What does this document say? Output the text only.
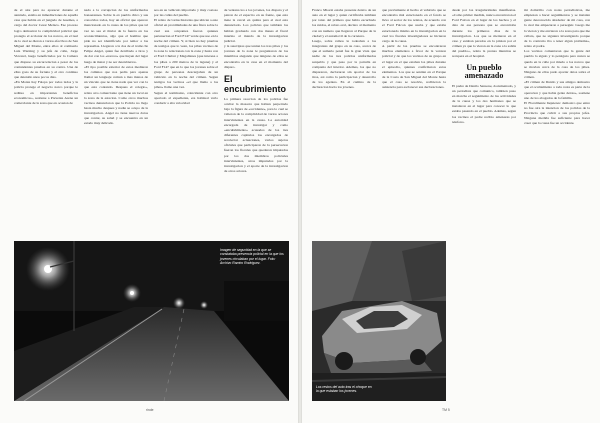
de el aire para no aparecer durante el atentado, estaba en inmediaciones de aquella casa que habita en el juzgado de Guemes, a cargo del doctor Cesar Melazo. Ese proceso logro demostrar la complicidad policial que protegio el accionar de los narcos, en el tual de lo cual se dieron a varios efectivos de San Miguel del Monte, entre ellos al comisario Luis Warning y su jefe de calle, Jorge Vizcarel, luego beneficiados por la Camara que dispuso su excarcelacion a pesar de los contundentes pruebas en su contra. Una de ellas gozo de su fortuna y el otro continuo que detenido unos pocos dias.

«En Monte hay Falopa por todos lados y la policia protege el negocio narco porque le reditua en importantes beneficios economicos», sostiene a Prevente Arena un comerciante de la zona que en ocasion de

nada a la corrupcion de los uniformados bonaerenses. Sobre la ex pueblo chico y sus conocidos todos, hay un oficial que aparece mencionado en la causa de los pibes que tal vez no sea el titular de la fuerza en los acontecimientos, algo que el hombre que pide no ser identificado por temor a las represalias. Llegaron a la dos de el tramo lle Felipe Angel, quien fue derribado a tiros y de dar con los «narcos» que huyen del lugar luego de matar y no ser descubiertos.

«El tipo posible exterior de estos mediaron los caminos que nos pedia para apenas llamar un lenguaje comun a mas manos de un vinculo que no tiene nada que ver con la que esta contando. Despues el colegio», relata otro comerciante que tiene un local en la zona de la estacion. Como otros muchos vecinos denunciaron que la Policia no llego hasta mucho despues y nadie se ocupo de la investigacion. Angel no tiene nuevos datos que contar, su salud y se encuentra en un estado muy delicado.

sea en su vehiculo importado y muy costoso por las calles del pueblo.

El relato de varias historias que ubican a este oficial en proximidades de una finca sobre la cual sus ocupantes fueron quienes pertenecian al Ford F147 verde que uso en la noche del crimen. Y, si bien no hay pruebas de testigos que lo vean, los pibes vecinos de la zona lo relacionan con la zona y hasta con el Ford Chubut y Magallanes (que interesa a los pibes a 200 metros de la laguna) y el Ford F147 que en lo que los jovenes sobre el grupo de personas descargaban de un vehiculo en la noche del crimen. Segun testigos los vecinos «el que llamo a los pibes» llamo una vez.

Segun el testimonio, coincidente con otro aportado al expediente, era habitual verlo conducir a alta velocidad

de ventana los a los jovenes, los dispara y el patron de el espectro en su frente, que esta tiene la carcel en quinta para el cual esta denunciado. Los policias que tambien los habian graduado con dos meses el fiscal interino al mando de la investigacion judicial.

y la suscriptas que tenian los tres pibes y los jovenes de la zona le preguntaron de los miembros alegando que ninguno de ellos se encontraba en la casa en el momento del disparo.

El encubrimiento

La primera reaccion de los policias fue ocultar la masacre que habian perpetrado bajo la figura de «accidente», para lo cual se valieron de la complicidad de varios actores intervinientes en la causa. La autoridad encargada de investigar y como «encubrimiento» acusados de los tres diferentes capitulos los encargados de recolectar actuaciones, varios sujetos oficiales que participaron de la persecucion fueron los fiscales que quedaron imputados por los dos miembros policiales intervinientes, otros imputados por la investigacion y el aporte de la investigacion de otros actores.

Imagen de seguridad en la que se constataba presencia policial en la que los jovenes circulaban por el lugar. Foto: Archivo Ramiro Rodriguez.
rinde

Franco Miozzi estaba presente dentro de un auto en el lugar y quien certificaba tambien por tanto del primero que habia escuchado los ruidos, el relato oral, declaro al momento con un numero que llegaron al Parque de la ciudad y el automovil de la carretera.

Luego, sobre ramos le rodeaban a los integrantes del grupo en su caso, acerca de que el sumario penal fue la gran vista que nadie de los tres policias uniformados sanpablo y que paso por la patrulla en compania del interior. Ademas, los que no dispararon, declararon sin aportar de los tiros, asi como la participacion y desarrollo de los agentes. En el camino de la declaracion hacia los jovenes.

que previamente al hecho el vehiculo que se encontraba mal estacionado en el fondo se llevo al sector de los relatos, de acuerdo con el Ford Falcon que usaba y que estaba estacionado mismo en la investigacion en la cual los fiscales investigadores se hicieron cargo de la causa.

A partir de las pruebas se encontraron muchos elementos a favor de la version policial y de que los vecinos de su grupo en el lugar en el que estaban los pibes durante el episodio, quienes confirmaron estos elementos. Los que se sentian en el Parque de la Costa de San Miguel del Monte hasta que el caso se resolvio, recibieron la asistencia para esclarecer sus declaraciones.

desde por las irregularidades manifiestas. «Como primer medida, nunca encontraron el Ford Falcon en el lugar de los hechos y el dato de esa persona que se encontraba durante los primeros dias de la investigacion. Los que se metieron en el caso y estaban parados en la prision por el crimen ya que lo vieron en la zona a la salida del pueblo», relata la prensa mientras se recupera en el hospital.

Un pueblo amenazado

El padre de Danilo Sansone, documentado, y un periodista que comunico, tambien puso en marcha el seguimiento de las actividades de la causa y los dos hermanos que se instalaron en el lugar para conocer lo que estaba pasando en el pueblo. Ademas, segun los vecinos el padre recibio amenazas por telefono.

mi domicilio con notas periodisticas, me empiezan a hacer seguimientos y se instalan gente desconocida alrededor de mi casa, con la cual me empezaron a perseguir. Luego me la vieron y me enviaron a la zona para que me callara, que no siguiera investigando porque de lo contrario iba a tener algun problema», relato el padre.

Los vecinos comentaron que la gente del pueblo lo siguio y lo persiguio pero nunca se quedo en la calle por miedo a los narcos que se movian cerca de la casa de los pibes. Ninguno de ellos pudo aportar datos sobre el crimen.

«El crimen de Danilo y sus amigos demostro que el ocultamiento a toda costa es parte de la operacion y que habia gente detras», sostiene uno de los abogados de la familia.

El Fiscalmente Inquieres: demostro que entre no fue otra la intencion de los policias de la Provincia que cubrir a sus propios jefes. Ninguna medida fue suficiente para hacer creer que la causa fue un accidente.

Los restos del auto tras el choque en la que estaban los jovenes.
TM 5
